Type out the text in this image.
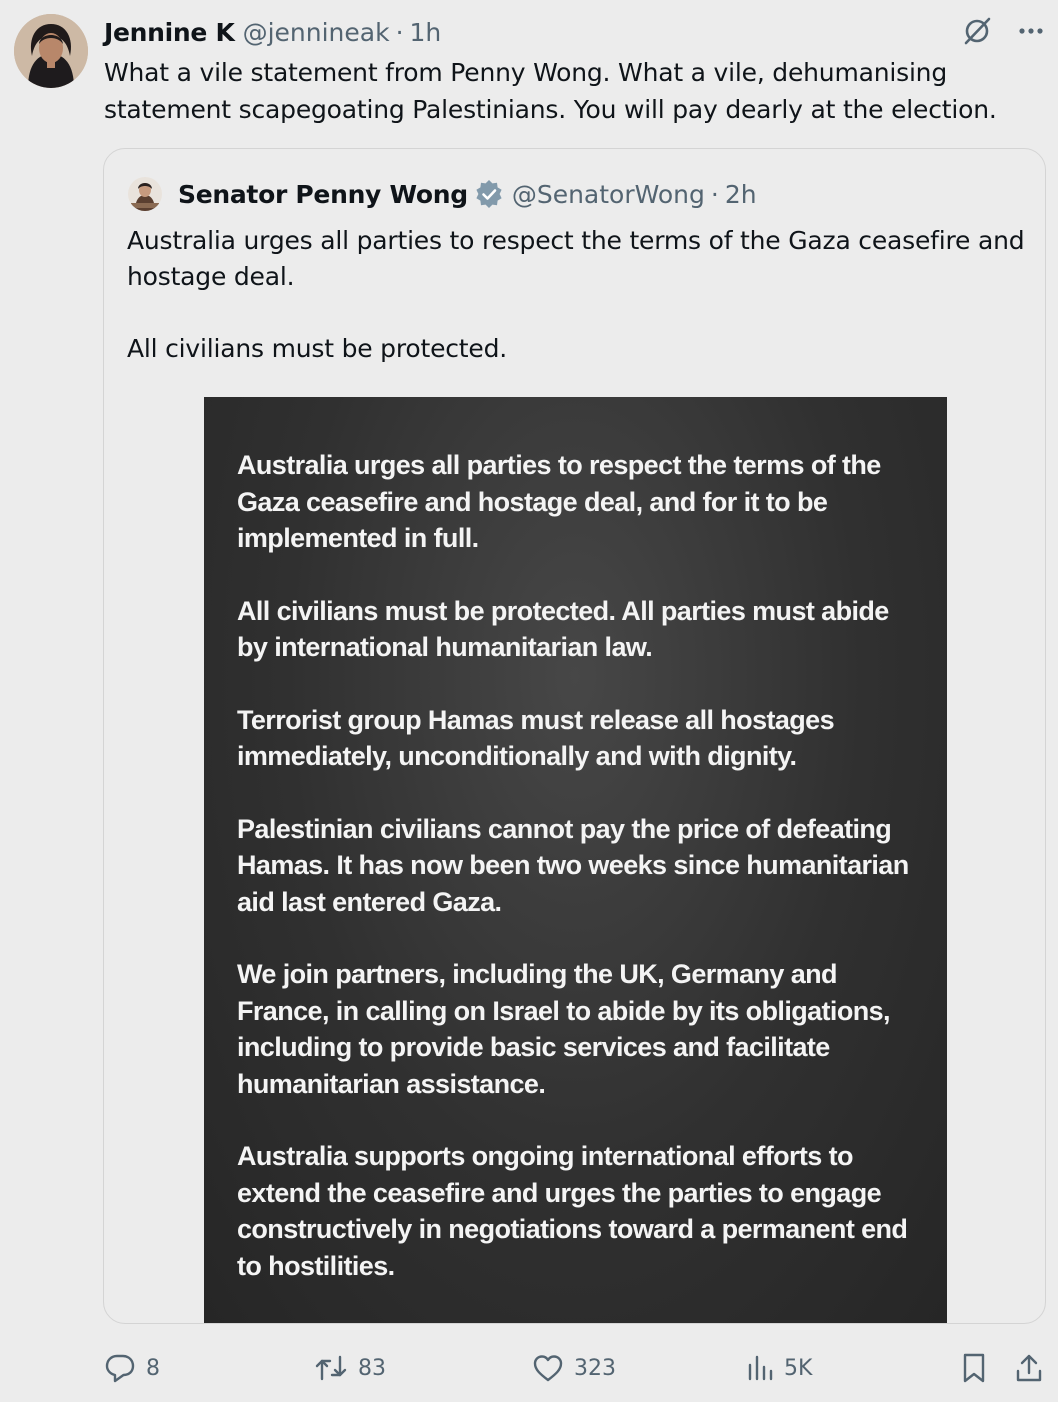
Jennine K @jennineak · 1h
What a vile statement from Penny Wong. What a vile, dehumanising statement scapegoating Palestinians. You will pay dearly at the election.
Senator Penny Wong @SenatorWong · 2h

Australia urges all parties to respect the terms of the Gaza ceasefire and hostage deal.

All civilians must be protected.

Australia urges all parties to respect the terms of the Gaza ceasefire and hostage deal, and for it to be implemented in full.

All civilians must be protected. All parties must abide by international humanitarian law.

Terrorist group Hamas must release all hostages immediately, unconditionally and with dignity.

Palestinian civilians cannot pay the price of defeating Hamas. It has now been two weeks since humanitarian aid last entered Gaza.

We join partners, including the UK, Germany and France, in calling on Israel to abide by its obligations, including to provide basic services and facilitate humanitarian assistance.

Australia supports ongoing international efforts to extend the ceasefire and urges the parties to engage constructively in negotiations toward a permanent end to hostilities.

8	83	323	5K
